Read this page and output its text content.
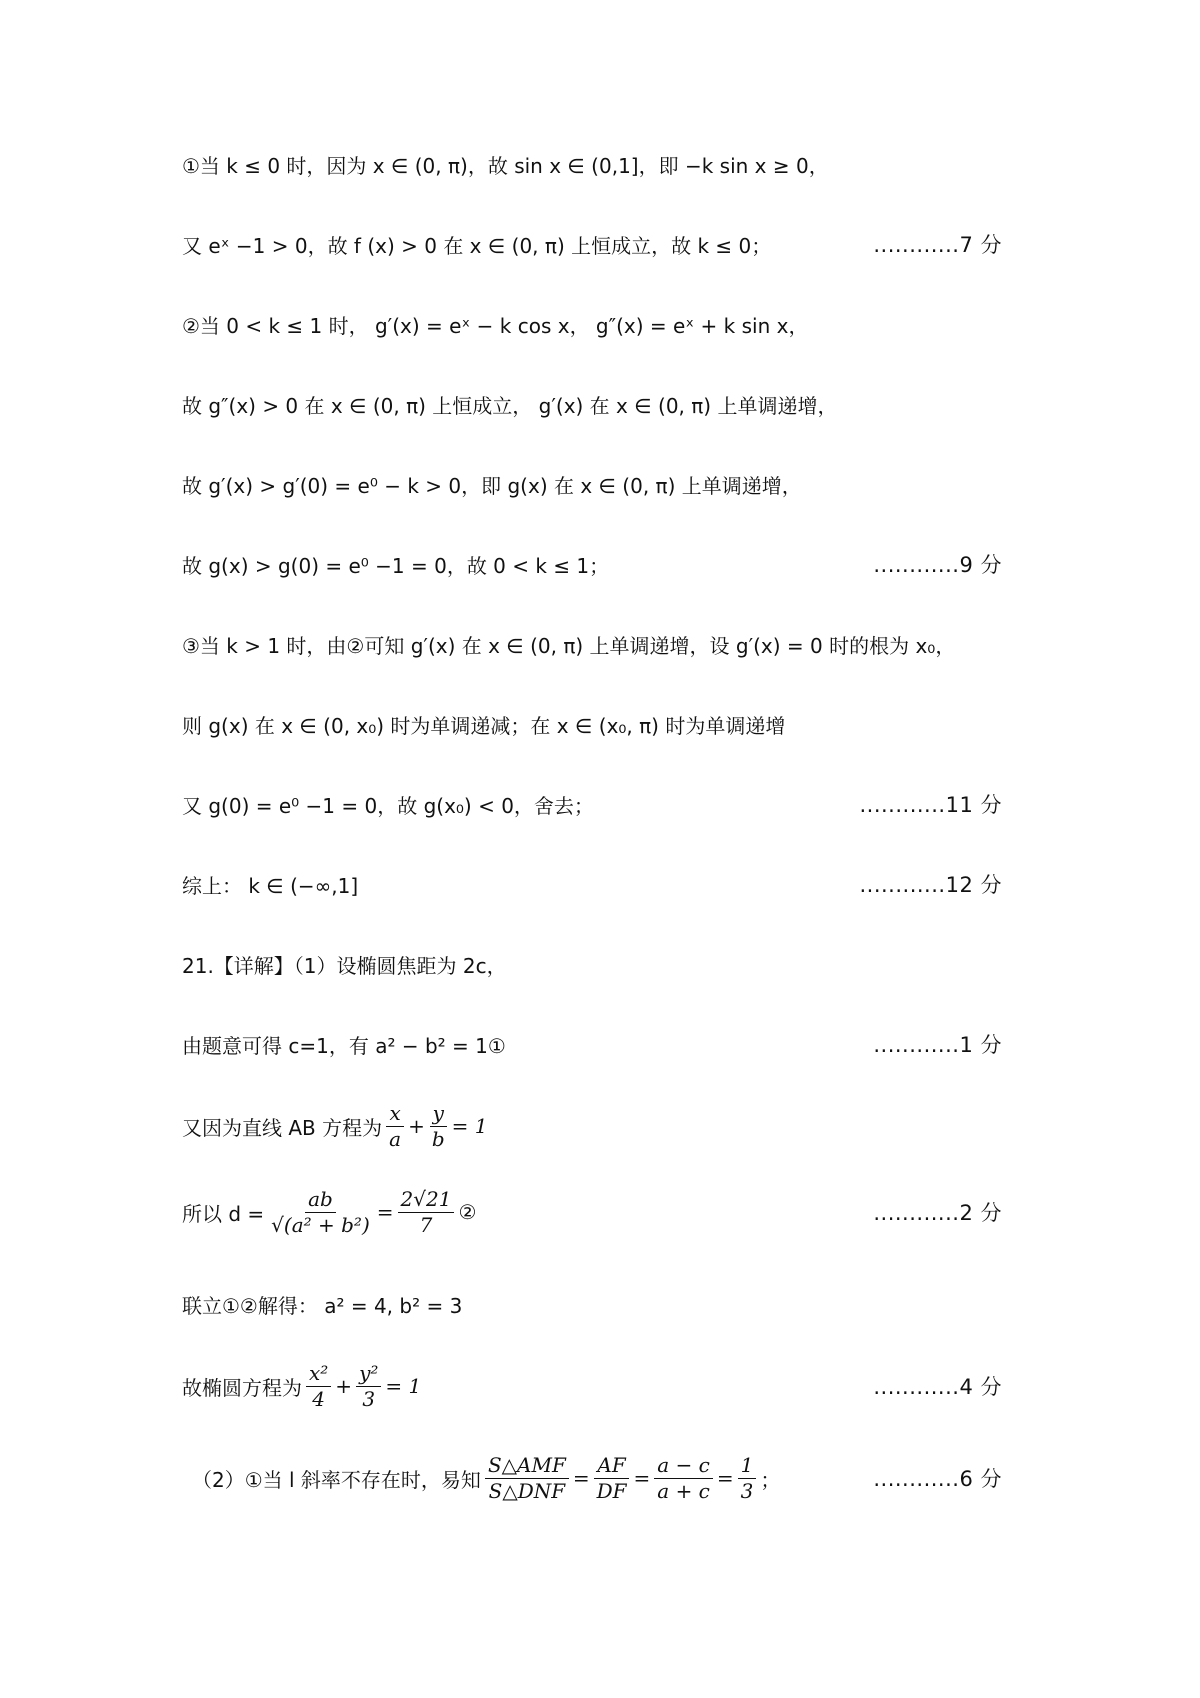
①当 k ≤ 0 时，因为 x ∈ (0, π)，故 sin x ∈ (0,1]，即 −k sin x ≥ 0，
又 eˣ −1 > 0，故 f (x) > 0 在 x ∈ (0, π) 上恒成立，故 k ≤ 0；	............7 分
②当 0 < k ≤ 1 时， g′(x) = eˣ − k cos x， g″(x) = eˣ + k sin x，
故 g″(x) > 0 在 x ∈ (0, π) 上恒成立， g′(x) 在 x ∈ (0, π) 上单调递增，
故 g′(x) > g′(0) = e⁰ − k > 0，即 g(x) 在 x ∈ (0, π) 上单调递增，
故 g(x) > g(0) = e⁰ −1 = 0，故 0 < k ≤ 1；	............9 分
③当 k > 1 时，由②可知 g′(x) 在 x ∈ (0, π) 上单调递增，设 g′(x) = 0 时的根为 x₀，
则 g(x) 在 x ∈ (0, x₀) 时为单调递减；在 x ∈ (x₀, π) 时为单调递增
又 g(0) = e⁰ −1 = 0，故 g(x₀) < 0，舍去；	............11 分
综上： k ∈ (−∞,1]	............12 分
21.【详解】（1）设椭圆焦距为 2c，
由题意可得 c=1，有 a² − b² = 1①	............1 分
又因为直线 AB 方程为 $\frac{x}{a} + \frac{y}{b} = 1$
所以 $d = \frac{ab}{\text{√(a² + b²)}} = \frac{2√21}{7}$ ②	............2 分
联立①②解得： a² = 4, b² = 3
故椭圆方程为 $\frac{\text{x²}}{4} + \frac{\text{y²}}{3} = 1$	............4 分
（2）①当 l 斜率不存在时，易知 $\frac{\text{S△AMF}}{\text{S△DNF}} = \frac{AF}{DF} = \frac{a - c}{a + c} = \frac{1}{3}$ ；	............6 分
